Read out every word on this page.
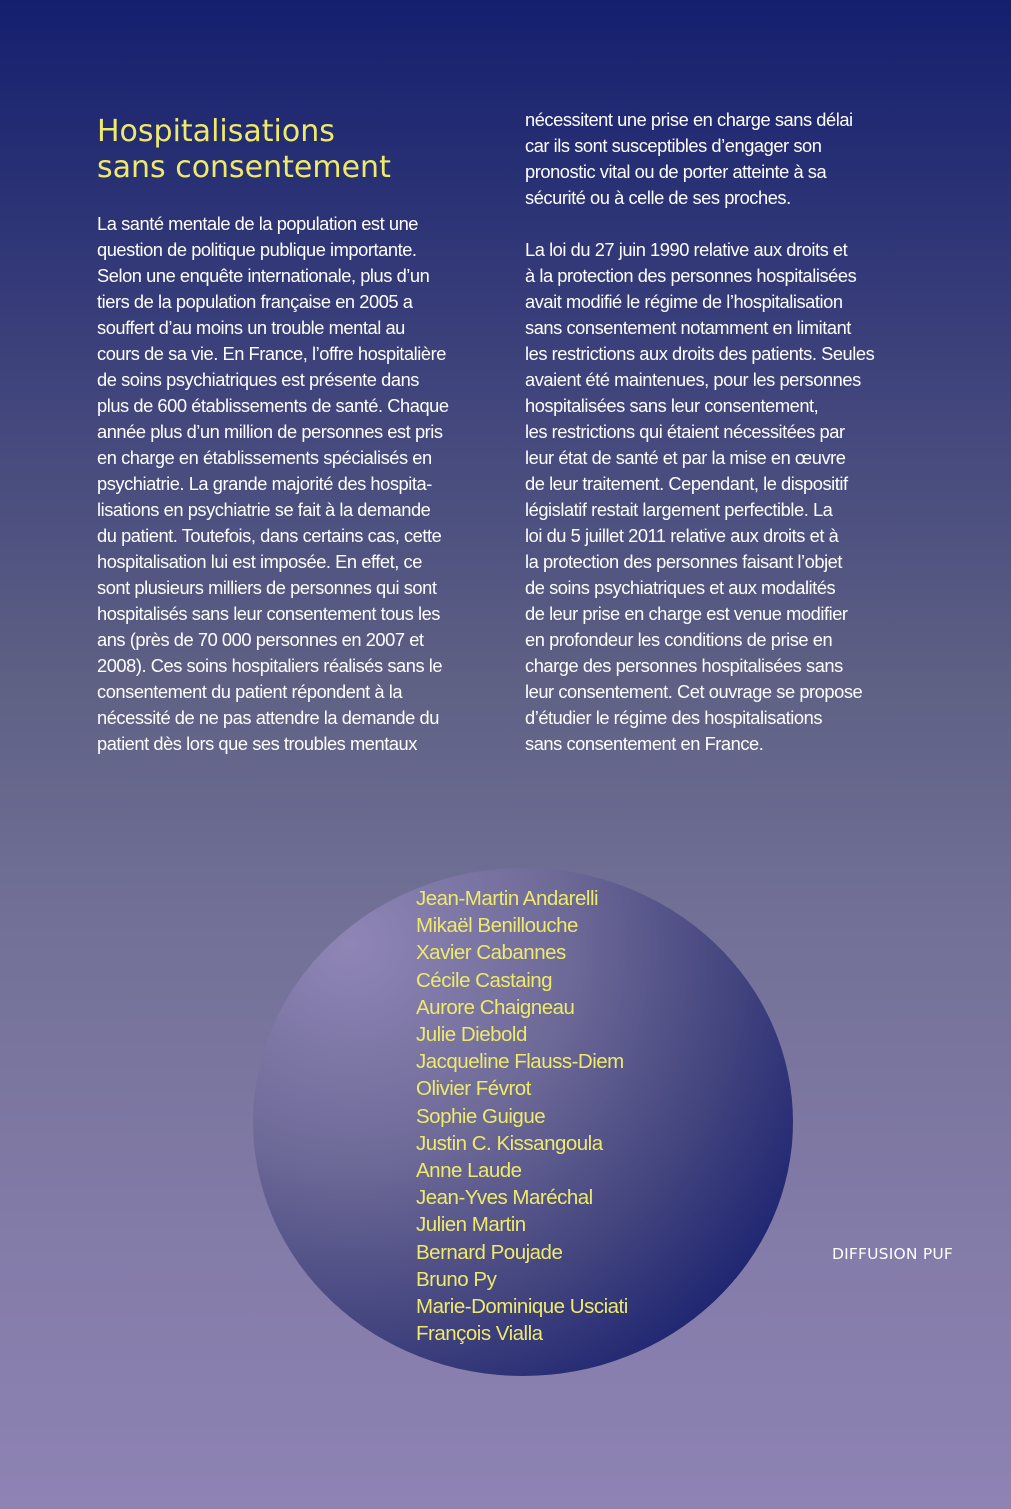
Hospitalisations
sans consentement
La santé mentale de la population est une
question de politique publique importante.
Selon une enquête internationale, plus d’un
tiers de la population française en 2005 a
souffert d’au moins un trouble mental au
cours de sa vie. En France, l’offre hospitalière
de soins psychiatriques est présente dans
plus de 600 établissements de santé. Chaque
année plus d’un million de personnes est pris
en charge en établissements spécialisés en
psychiatrie. La grande majorité des hospita-
lisations en psychiatrie se fait à la demande
du patient. Toutefois, dans certains cas, cette
hospitalisation lui est imposée. En effet, ce
sont plusieurs milliers de personnes qui sont
hospitalisés sans leur consentement tous les
ans (près de 70 000 personnes en 2007 et
2008). Ces soins hospitaliers réalisés sans le
consentement du patient répondent à la
nécessité de ne pas attendre la demande du
patient dès lors que ses troubles mentaux
nécessitent une prise en charge sans délai
car ils sont susceptibles d’engager son
pronostic vital ou de porter atteinte à sa
sécurité ou à celle de ses proches.
La loi du 27 juin 1990 relative aux droits et
à la protection des personnes hospitalisées
avait modifié le régime de l’hospitalisation
sans consentement notamment en limitant
les restrictions aux droits des patients. Seules
avaient été maintenues, pour les personnes
hospitalisées sans leur consentement,
les restrictions qui étaient nécessitées par
leur état de santé et par la mise en œuvre
de leur traitement. Cependant, le dispositif
législatif restait largement perfectible. La
loi du 5 juillet 2011 relative aux droits et à
la protection des personnes faisant l’objet
de soins psychiatriques et aux modalités
de leur prise en charge est venue modifier
en profondeur les conditions de prise en
charge des personnes hospitalisées sans
leur consentement. Cet ouvrage se propose
d’étudier le régime des hospitalisations
sans consentement en France.
Jean-Martin Andarelli
Mikaël Benillouche
Xavier Cabannes
Cécile Castaing
Aurore Chaigneau
Julie Diebold
Jacqueline Flauss-Diem
Olivier Févrot
Sophie Guigue
Justin C. Kissangoula
Anne Laude
Jean-Yves Maréchal
Julien Martin
Bernard Poujade
Bruno Py
Marie-Dominique Usciati
François Vialla
DIFFUSION PUF
